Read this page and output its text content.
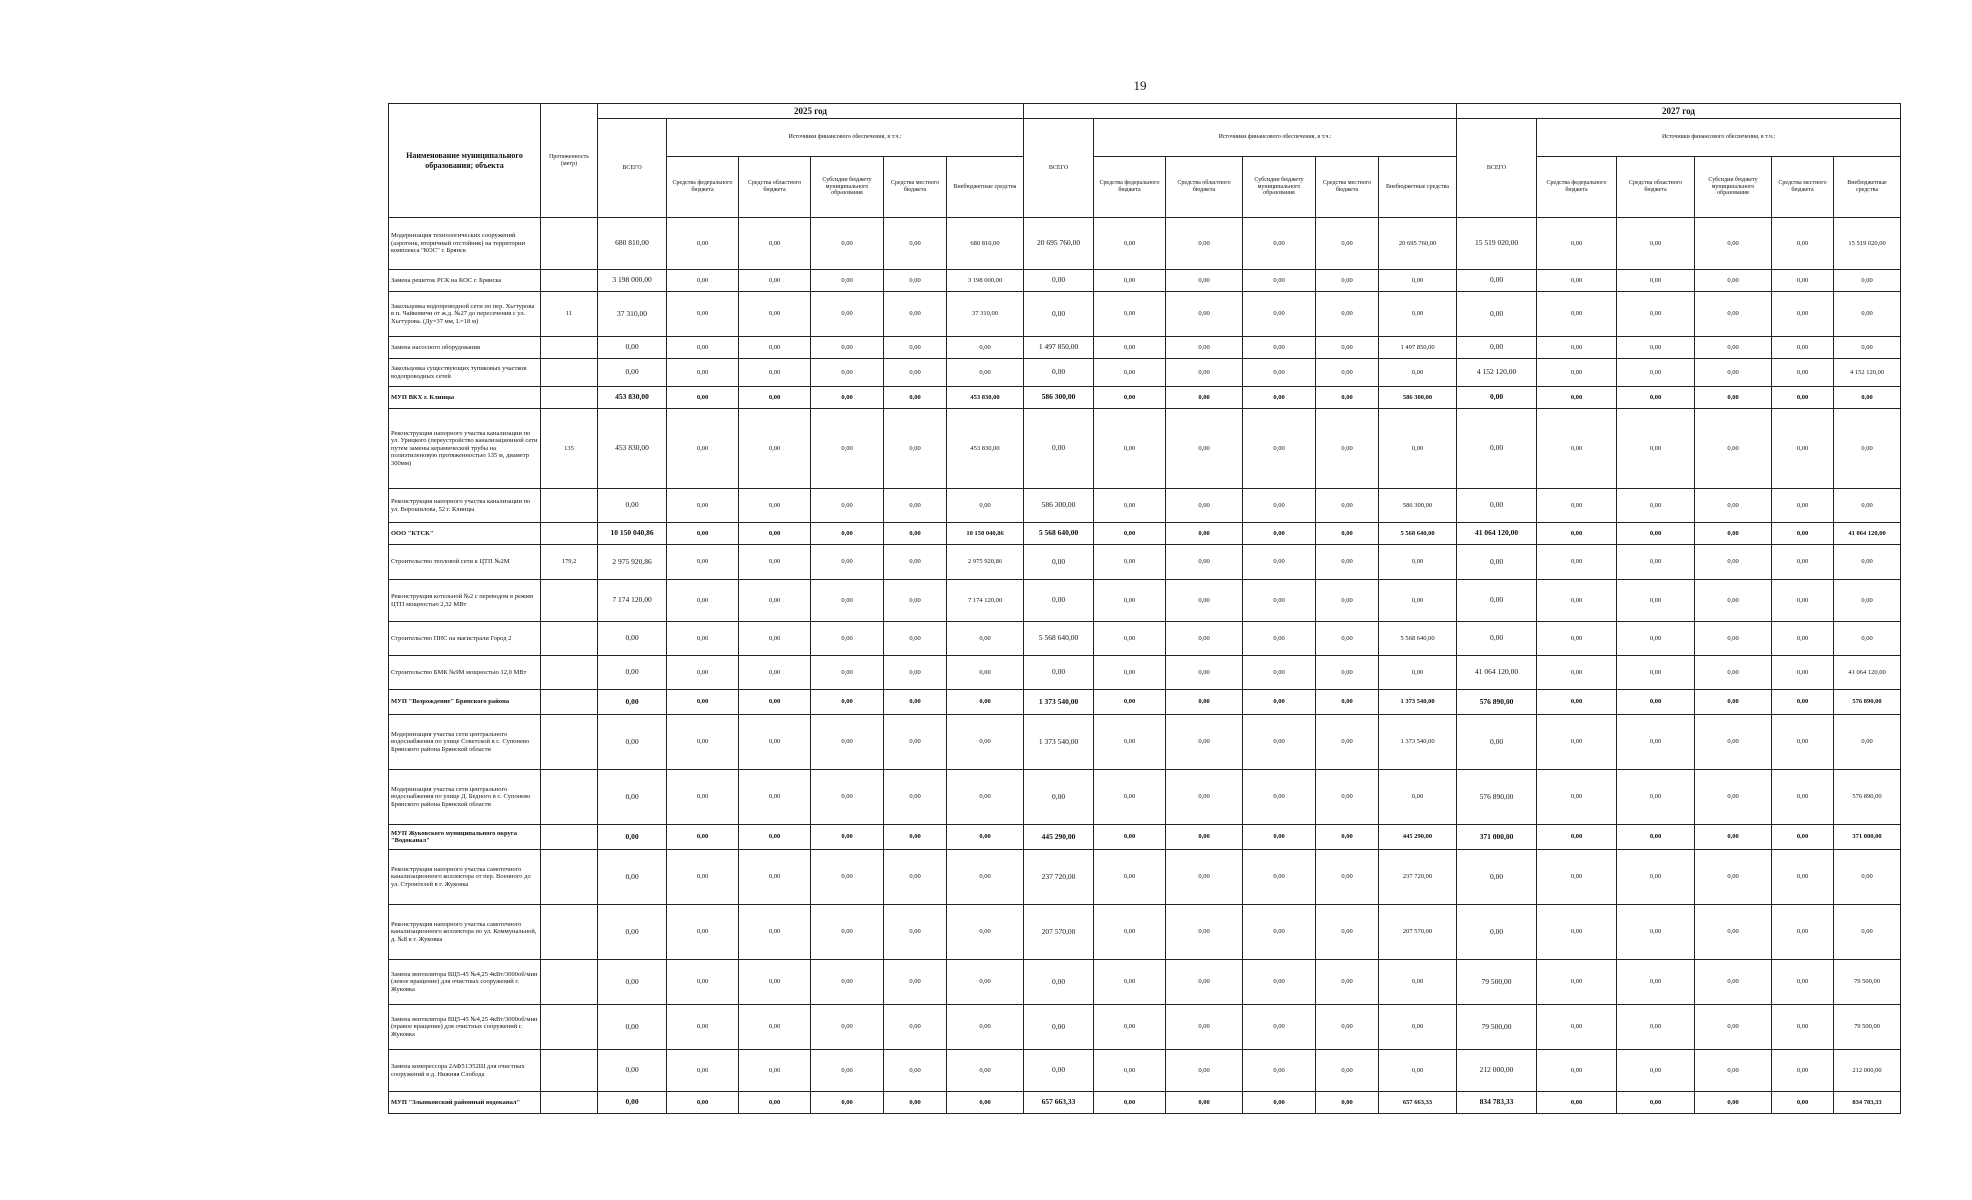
19
Наименование муниципального образования; объекта	Протяженность (метр)	2025 год												2027 год					
		ВСЕГО	Источники финансового обеспечения, в т.ч.:					ВСЕГО	Источники финансового обеспечения, в т.ч.:					ВСЕГО	Источники финансового обеспечения, в т.ч.:				
			Средства федерального бюджета	Средства областного бюджета	Субсидии бюджету муниципального образования	Средства местного бюджета	Внебюджетные средства		Средства федерального бюджета	Средства областного бюджета	Субсидии бюджету муниципального образования	Средства местного бюджета	Внебюджетные средства		Средства федерального бюджета	Средства областного бюджета	Субсидии бюджету муниципального образования	Средства местного бюджета	Внебюджетные средства
Модернизация технологических сооружений (аэротенк, вторичный отстойник) на территории комплекса "КОС" г. Брянск		680 810,00	0,00	0,00	0,00	0,00	680 810,00	20 695 760,00	0,00	0,00	0,00	0,00	20 695 760,00	15 519 020,00	0,00	0,00	0,00	0,00	15 519 020,00
Замена решеток РСК на КОС г. Брянска		3 198 000,00	0,00	0,00	0,00	0,00	3 198 000,00	0,00	0,00	0,00	0,00	0,00	0,00	0,00	0,00	0,00	0,00	0,00	0,00
Закольцовка водопроводной сети по пер. Хьгтурова в п. Чайковичи от ж.д. №27 до пересечения с ул. Хьгтурова. (Ду=37 мм, L=18 м)	11	37 310,00	0,00	0,00	0,00	0,00	37 310,00	0,00	0,00	0,00	0,00	0,00	0,00	0,00	0,00	0,00	0,00	0,00	0,00
Замена насосного оборудования		0,00	0,00	0,00	0,00	0,00	0,00	1 497 850,00	0,00	0,00	0,00	0,00	1 497 850,00	0,00	0,00	0,00	0,00	0,00	0,00
Закольцовка существующих тупиковых участков водопроводных сетей		0,00	0,00	0,00	0,00	0,00	0,00	0,00	0,00	0,00	0,00	0,00	0,00	4 152 120,00	0,00	0,00	0,00	0,00	4 152 120,00
МУП ВКХ г. Клинцы		453 830,00	0,00	0,00	0,00	0,00	453 830,00	586 300,00	0,00	0,00	0,00	0,00	586 300,00	0,00	0,00	0,00	0,00	0,00	0,00
Реконструкция напорного участка канализации по ул. Урицкого (переустройство канализационной сети путем замены керамической трубы на полиэтиленовую протяженностью 135 м, диаметр 300мм)	135	453 830,00	0,00	0,00	0,00	0,00	453 830,00	0,00	0,00	0,00	0,00	0,00	0,00	0,00	0,00	0,00	0,00	0,00	0,00
Реконструкция напорного участка канализации по ул. Ворошилова, 52 г. Клинцы		0,00	0,00	0,00	0,00	0,00	0,00	586 300,00	0,00	0,00	0,00	0,00	586 300,00	0,00	0,00	0,00	0,00	0,00	0,00
ООО "КТСК"		10 150 040,86	0,00	0,00	0,00	0,00	10 150 040,86	5 568 640,00	0,00	0,00	0,00	0,00	5 568 640,00	41 064 120,00	0,00	0,00	0,00	0,00	41 064 120,00
Строительство тепловой сети к ЦТП №2М	179,2	2 975 920,86	0,00	0,00	0,00	0,00	2 975 920,86	0,00	0,00	0,00	0,00	0,00	0,00	0,00	0,00	0,00	0,00	0,00	0,00
Реконструкция котельной №2 с переводом в режим ЦТП мощностью 2,32 МВт		7 174 120,00	0,00	0,00	0,00	0,00	7 174 120,00	0,00	0,00	0,00	0,00	0,00	0,00	0,00	0,00	0,00	0,00	0,00	0,00
Строительство ПНС на магистрали Город 2		0,00	0,00	0,00	0,00	0,00	0,00	5 568 640,00	0,00	0,00	0,00	0,00	5 568 640,00	0,00	0,00	0,00	0,00	0,00	0,00
Строительство БМК №9М мощностью 12,0 МВт		0,00	0,00	0,00	0,00	0,00	0,00	0,00	0,00	0,00	0,00	0,00	0,00	41 064 120,00	0,00	0,00	0,00	0,00	41 064 120,00
МУП "Возрождение" Брянского района		0,00	0,00	0,00	0,00	0,00	0,00	1 373 540,00	0,00	0,00	0,00	0,00	1 373 540,00	576 890,00	0,00	0,00	0,00	0,00	576 890,00
Модернизация участка сети центрального водоснабжения по улице Советской в с. Супонево Брянского района Брянской области		0,00	0,00	0,00	0,00	0,00	0,00	1 373 540,00	0,00	0,00	0,00	0,00	1 373 540,00	0,00	0,00	0,00	0,00	0,00	0,00
Модернизация участка сети центрального водоснабжения по улице Д. Бедного в с. Супонево Брянского района Брянской области		0,00	0,00	0,00	0,00	0,00	0,00	0,00	0,00	0,00	0,00	0,00	0,00	576 890,00	0,00	0,00	0,00	0,00	576 890,00
МУП Жуковского муниципального округа "Водоканал"		0,00	0,00	0,00	0,00	0,00	0,00	445 290,00	0,00	0,00	0,00	0,00	445 290,00	371 000,00	0,00	0,00	0,00	0,00	371 000,00
Реконструкция напорного участка самотечного канализационного коллектора от пер. Военного до ул. Строителей в г. Жуковка		0,00	0,00	0,00	0,00	0,00	0,00	237 720,00	0,00	0,00	0,00	0,00	237 720,00	0,00	0,00	0,00	0,00	0,00	0,00
Реконструкция напорного участка самотечного канализационного коллектора по ул. Коммунальной, д. №8 в г. Жуковка		0,00	0,00	0,00	0,00	0,00	0,00	207 570,00	0,00	0,00	0,00	0,00	207 570,00	0,00	0,00	0,00	0,00	0,00	0,00
Замена вентилятора ВЦ5-45 №4,25 4кВт/3000об/мин (левое вращение) для очистных сооружений г. Жуковка		0,00	0,00	0,00	0,00	0,00	0,00	0,00	0,00	0,00	0,00	0,00	0,00	79 500,00	0,00	0,00	0,00	0,00	79 500,00
Замена вентилятора ВЦ5-45 №4,25 4кВт/3000об/мин (правое вращение) для очистных сооружений г. Жуковка		0,00	0,00	0,00	0,00	0,00	0,00	0,00	0,00	0,00	0,00	0,00	0,00	79 500,00	0,00	0,00	0,00	0,00	79 500,00
Замена компрессора 2АФ51Э52Ш для очистных сооружений в д. Нижняя Слобода		0,00	0,00	0,00	0,00	0,00	0,00	0,00	0,00	0,00	0,00	0,00	0,00	212 000,00	0,00	0,00	0,00	0,00	212 000,00
МУП "Злынковский районный водоканал"		0,00	0,00	0,00	0,00	0,00	0,00	657 663,33	0,00	0,00	0,00	0,00	657 663,33	834 783,33	0,00	0,00	0,00	0,00	834 783,33
